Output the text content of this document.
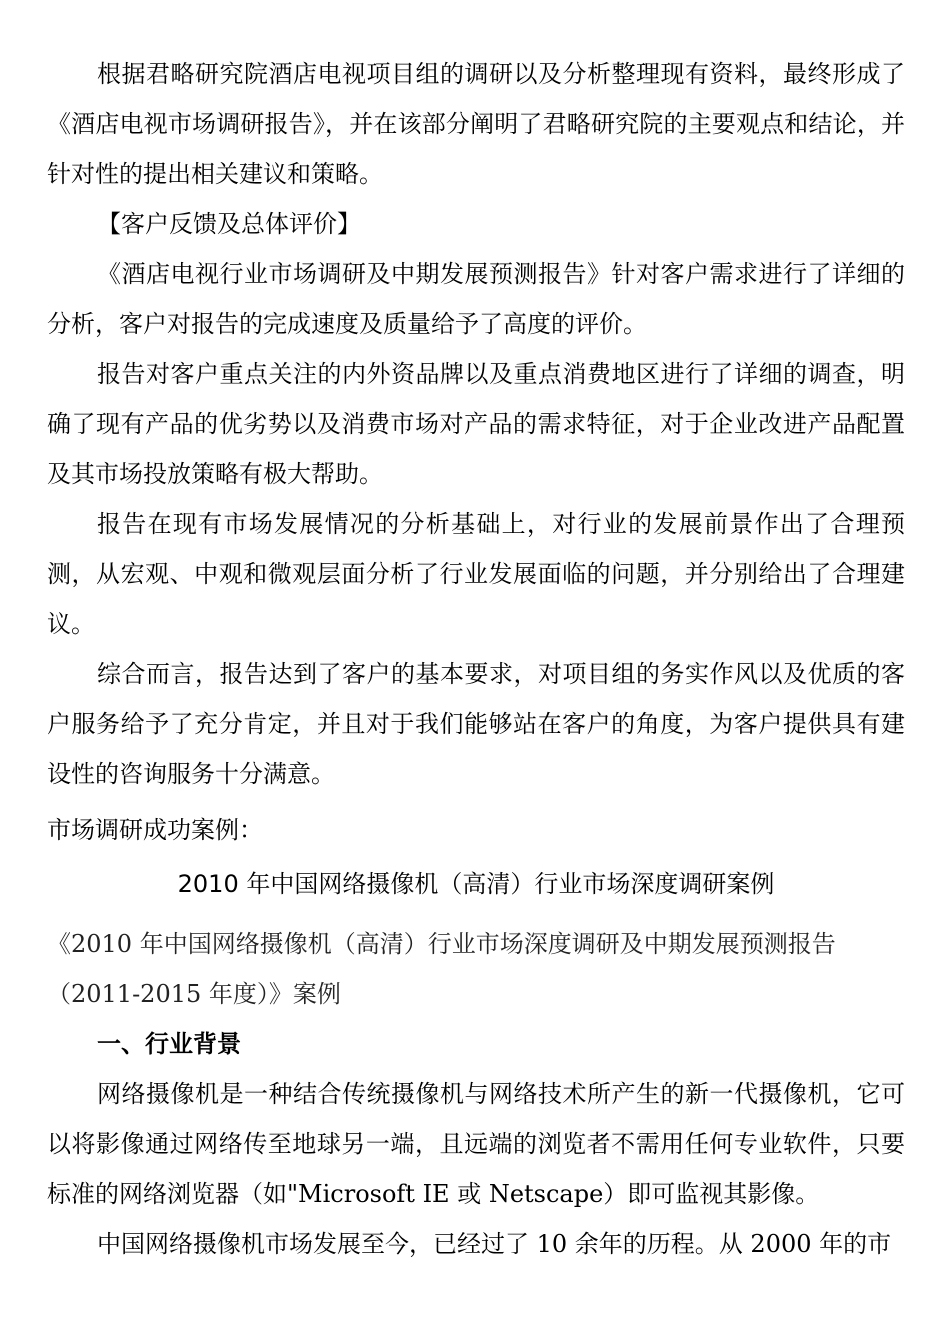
根据君略研究院酒店电视项目组的调研以及分析整理现有资料，最终形成了《酒店电视市场调研报告》，并在该部分阐明了君略研究院的主要观点和结论，并针对性的提出相关建议和策略。

【客户反馈及总体评价】

《酒店电视行业市场调研及中期发展预测报告》针对客户需求进行了详细的分析，客户对报告的完成速度及质量给予了高度的评价。

报告对客户重点关注的内外资品牌以及重点消费地区进行了详细的调查，明确了现有产品的优劣势以及消费市场对产品的需求特征，对于企业改进产品配置及其市场投放策略有极大帮助。

报告在现有市场发展情况的分析基础上，对行业的发展前景作出了合理预测，从宏观、中观和微观层面分析了行业发展面临的问题，并分别给出了合理建议。

综合而言，报告达到了客户的基本要求，对项目组的务实作风以及优质的客户服务给予了充分肯定，并且对于我们能够站在客户的角度，为客户提供具有建设性的咨询服务十分满意。

市场调研成功案例：

2010 年中国网络摄像机（高清）行业市场深度调研案例

《2010 年中国网络摄像机（高清）行业市场深度调研及中期发展预测报告（2011-2015 年度）》案例

一、行业背景

网络摄像机是一种结合传统摄像机与网络技术所产生的新一代摄像机，它可以将影像通过网络传至地球另一端，且远端的浏览者不需用任何专业软件，只要标准的网络浏览器（如"Microsoft IE 或 Netscape）即可监视其影像。

中国网络摄像机市场发展至今，已经过了 10 余年的历程。从 2000 年的市
